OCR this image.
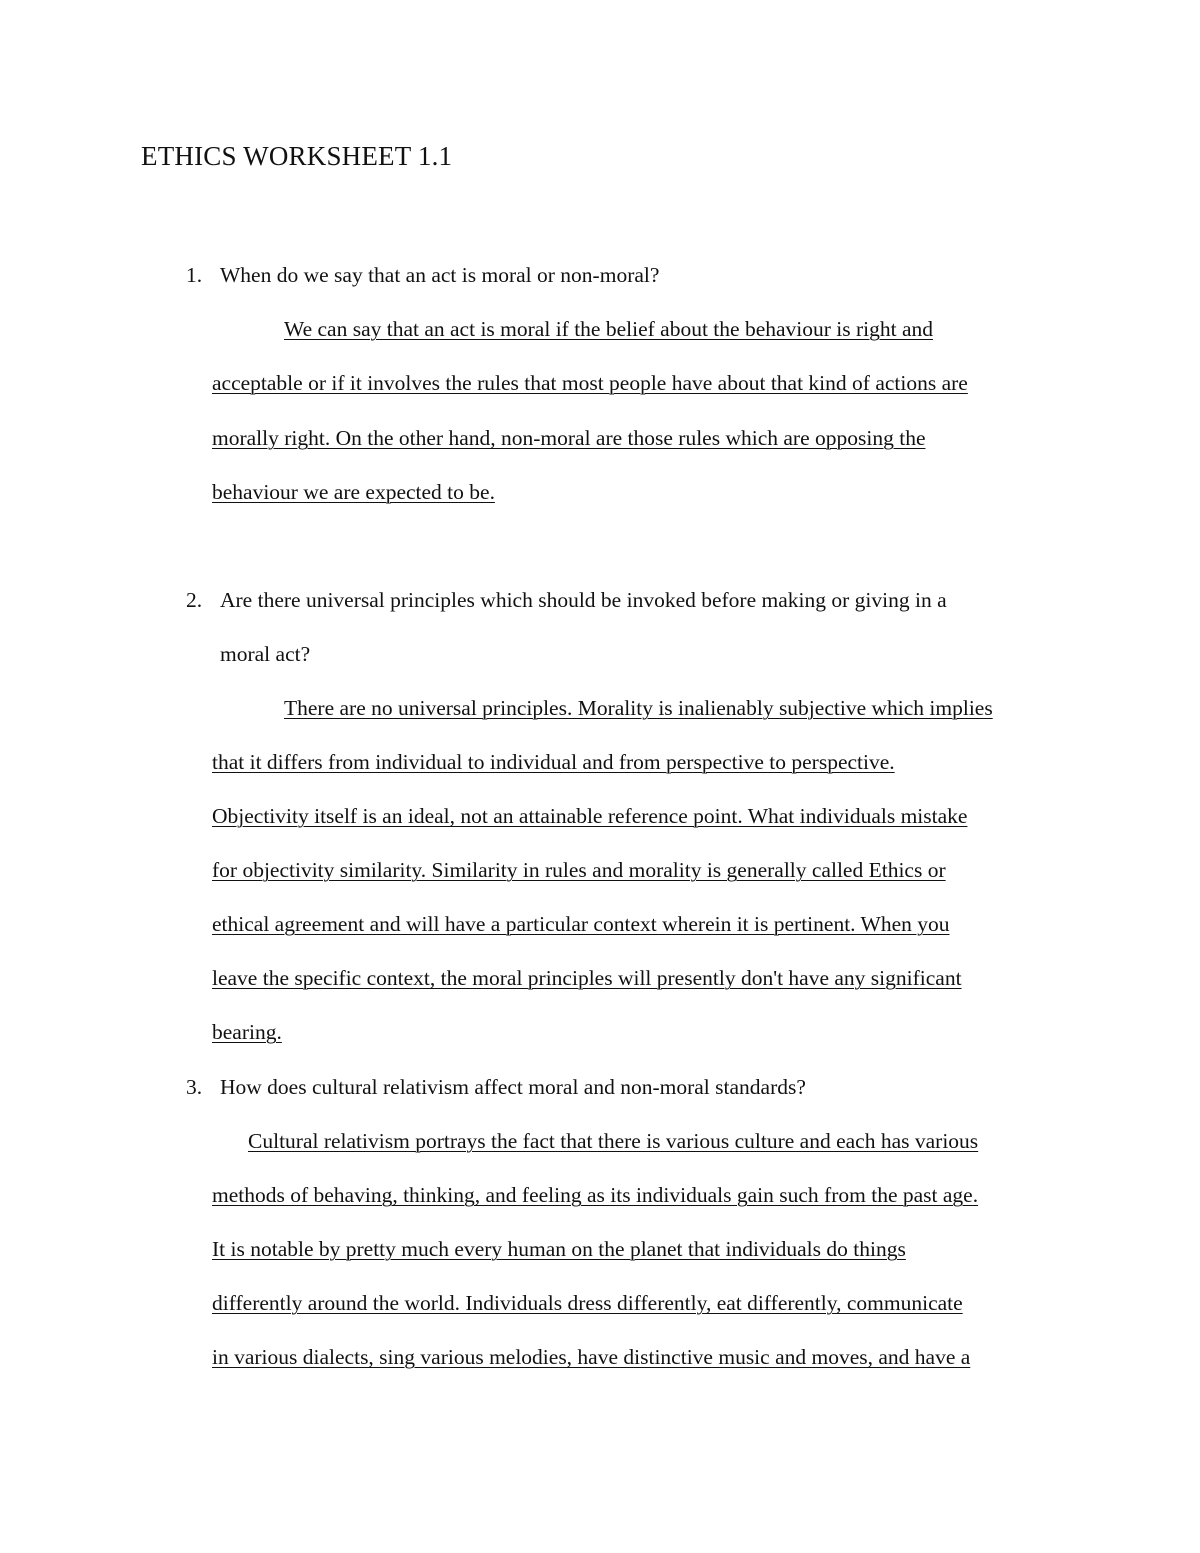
ETHICS WORKSHEET 1.1
1. When do we say that an act is moral or non-moral?
We can say that an act is moral if the belief about the behaviour is right and
acceptable or if it involves the rules that most people have about that kind of actions are
morally right. On the other hand, non-moral are those rules which are opposing the
behaviour we are expected to be.
2. Are there universal principles which should be invoked before making or giving in a
moral act?
There are no universal principles. Morality is inalienably subjective which implies
that it differs from individual to individual and from perspective to perspective.
Objectivity itself is an ideal, not an attainable reference point. What individuals mistake
for objectivity similarity. Similarity in rules and morality is generally called Ethics or
ethical agreement and will have a particular context wherein it is pertinent. When you
leave the specific context, the moral principles will presently don't have any significant
bearing.
3. How does cultural relativism affect moral and non-moral standards?
Cultural relativism portrays the fact that there is various culture and each has various
methods of behaving, thinking, and feeling as its individuals gain such from the past age.
It is notable by pretty much every human on the planet that individuals do things
differently around the world. Individuals dress differently, eat differently, communicate
in various dialects, sing various melodies, have distinctive music and moves, and have a
